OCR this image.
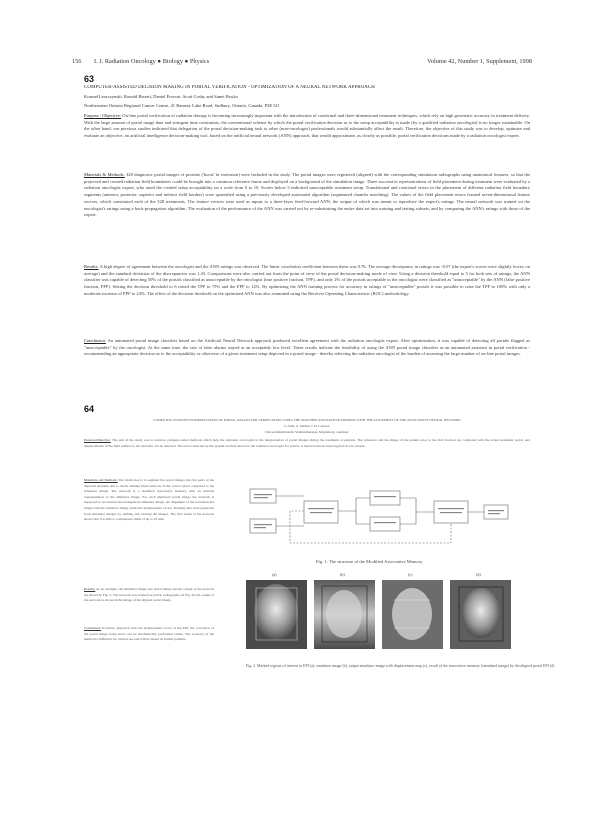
156	I. J. Radiation Oncology ● Biology ● Physics	Volume 42, Number 1, Supplement, 1998
63
COMPUTER-ASSISTED DECISION MAKING IN PORTAL VERIFICATION - OPTIMIZATION OF A NEURAL NETWORK APPROACH
Konrad Leszczynski, Ronald Bissett, Daniel Provost, Scott Cosby and Sunet Boyko
Northeastern Ontario Regional Cancer Centre, 41 Ramsey Lake Road, Sudbury, Ontario, Canada, P3E 5J1
Purpose / Objective: On-line portal verification of radiation therapy is becoming increasingly important with the introduction of conformal and three-dimensional treatment techniques, which rely on high geometric accuracy in treatment delivery. With the large amount of portal image data and stringent time constraints, the conventional scheme by which the portal verification decision as to the setup acceptability is made (by a qualified radiation oncologist) is no longer sustainable. On the other hand, our previous studies indicated that delegation of the portal decision-making task to other (non-oncologist) professionals would substantially affect the result. Therefore, the objective of this study was to develop, optimize and evaluate an objective, an artificial intelligence decision-making tool, based on the artificial neural network (ANN) approach, that would approximate, as closely as possible, portal verification decisions made by a radiation oncologist expert.
Materials & Methods: 328 diagnostic portal images of prostate ('boost' in extension) were included in the study. The portal images were registered (aligned) with the corresponding simulation radiographs using anatomical features, so that the projected and created radiation field boundaries could be brought into a common reference frame and displayed on a background of the simulation image. Three successive representations of field placement during treatment were evaluated by a radiation oncologist expert, who rated the created setup acceptability on a scale from 0 to 10. Scores below 5 indicated unacceptable treatment setup. Translational and rotational errors in the placement of different radiation field boundary segments (anterior, posterior, superior and inferior field borders) were quantified using a previously developed automated algorithm (segmented chamfer matching). The values of the field placement errors formed seven-dimensional feature vectors, which constituted each of the 328 treatments. The feature vectors were used as inputs to a three-layer feed-forward ANN, the output of which was meant to reproduce the expert's ratings. The neural network was trained on the oncologist's ratings using a back-propagation algorithm. The evaluation of the performance of the ANN was carried out by re-substituting the entire data set into training and testing subsets, and by comparing the ANN's ratings with those of the expert.
Results: A high degree of agreement between the oncologist and the ANN ratings was observed. The linear correlation coefficient between them was 0.76. The average discrepancy in ratings was -0.07 (the expert's scores were slightly lower, on average) and the standard deviation of the discrepancies was 1.43. Comparisons were also carried out from the point of view of the portal decision-making mode of view. Using a decision threshold equal to 5 for both sets of ratings, the ANN classifier was capable of detecting 50% of the portals classified as unacceptable by the oncologist (true positive fraction, TPF), and only 2% of the portals acceptable to the oncologist were classified as "unacceptable" by the ANN (false positive fraction, FPF). Setting the decision threshold to 6 raised the TPF to 75% and the FPF to 12%. By optimizing the ANN training process for accuracy in ratings of "unacceptable" portals it was possible to raise the TPF to 100% with only a moderate increase of FPF to 24%. The effect of the decision threshold on the optimized ANN was also examined using the Receiver Operating Characteristic (ROC) methodology.
Conclusion: An automated portal image classifier based on the Artificial Neural Network approach produced excellent agreement with the radiation oncologist expert. After optimization, it was capable of detecting all portals flagged as "unacceptable" by the oncologist. At the same time, the rate of false alarms stayed at an acceptably low level. These results indicate the feasibility of using the ANN portal image classifier as an automated assistant in portal verification - recommending an appropriate decision as to the acceptability or otherwise of a given treatment setup depicted in a portal image - thereby relieving the radiation oncologist of the burden of assessing the large number of on-line portal images.
64
COMPUTER-ASSISTED INTERPRETATION OF PORTAL IMAGES FOR VERIFICATION USING THE MATCHED ASSOCIATIVE MEMORY WITH THE ALIGNMENT OF THE ASSOCIATIVE NEURAL NETWORK
G. Kiel, A. Michel, J. D. Lasserre
Universitätsklinik für Strahlentherapie, Magdeburg, Germany
Purpose/Objective: The aim of the study was to develop computer-aided methods which help the radiation oncologist in the interpretation of portal images during the treatment of patients. The reference and the image of the patient prior to the first fraction are compared with the actual treatment portal, and displacements of the field relative to the anatomy can be detected. The errors detected by the system are then shown to the radiation oncologist for review. A neural network based approach was chosen.
Materials and Methods: Our main idea is to segment the portal images into the parts of the depicted anatomy and to check whether these parts are in the correct place compared to the reference image. The network is a modified associative memory with an internal representation of the simulator image. For each displaced portal image the network is supposed to reconstruct the undisplaced simulator image. An alignment of the reconstructed image with the simulator image yields the displacement vector. Training data were generated from simulator images by shifting and rotating the images. The first result of the network shows that it is able to compensate shifts of up to 25 mm.
Results: As an example, the simulator image, the portal image and the output of the network are shown in Fig. 2. The network was trained for pelvic radiographs. In Fig. 2d the output of the network is shown in the image of the aligned portal image.
Conclusion: In future, approach with the displacement vector of the EPI, the correction of the portal image setup errors can be automatically performed online. The accuracy of the method is sufficient for clinical use and will be tested on further patients.
Fig. 1. The structure of the Modified Associative Memory
(a)	(b)	(c)	(d)
Fig. 2. Marked regions of interest in EPI (a), simulator image (b), output simulator image with displacement map (c), result of the associative memory (simulated image) by the aligned portal EPI (d)
